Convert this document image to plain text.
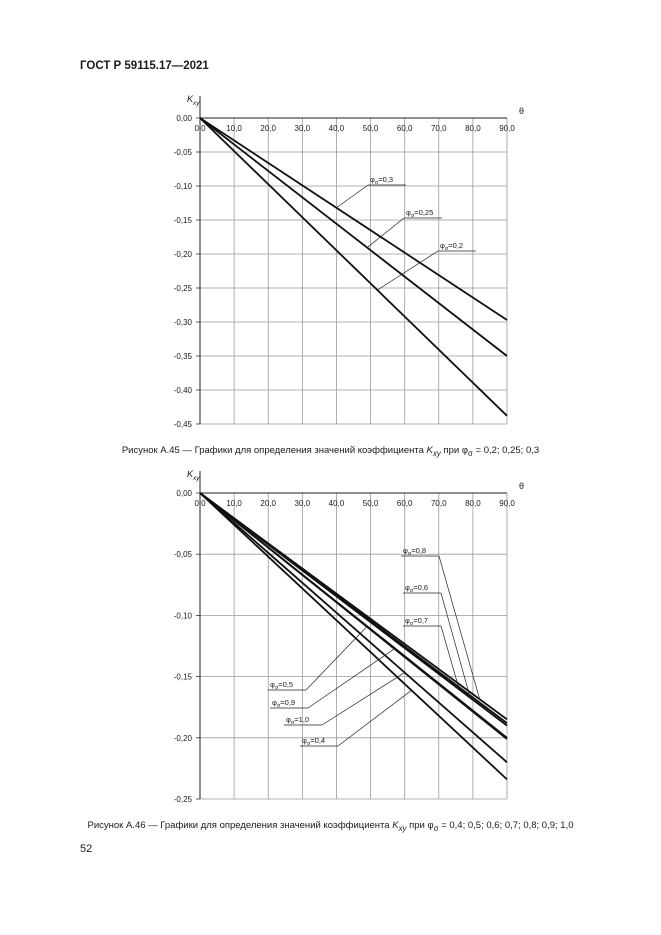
ГОСТ Р 59115.17—2021
0,0	10,0 20,0 30,0 40,0 50,0 60,0 70,0 80,0 90,0
0,00
-0,05
-0,10
-0,15
-0,20
-0,25
-0,30
-0,35
-0,40
-0,45
$K_{xy}$
θ
$\varphi_\sigma=0,3$
$\varphi_\sigma=0,25$
$\varphi_\sigma=0,2$
Рисунок А.45 — Графики для определения значений коэффициента $K_{xy}$ при $\varphi_\sigma = 0,2$; 0,25; 0,3
0,0	10,0 20,0 30,0 40,0 50,0 60,0 70,0 80,0 90,0
0,00
-0,05
-0,10
-0,15
-0,20
-0,25
$K_{xy}$
θ
$\varphi_\sigma=0,8$
$\varphi_\sigma=0,6$
$\varphi_\sigma=0,7$
$\varphi_\sigma=0,5$
$\varphi_\sigma=0,9$
$\varphi_\sigma=1,0$
$\varphi_\sigma=0,4$
Рисунок А.46 — Графики для определения значений коэффициента $K_{xy}$ при $\varphi_\sigma = 0,4$; 0,5; 0,6; 0,7; 0,8; 0,9; 1,0
52
